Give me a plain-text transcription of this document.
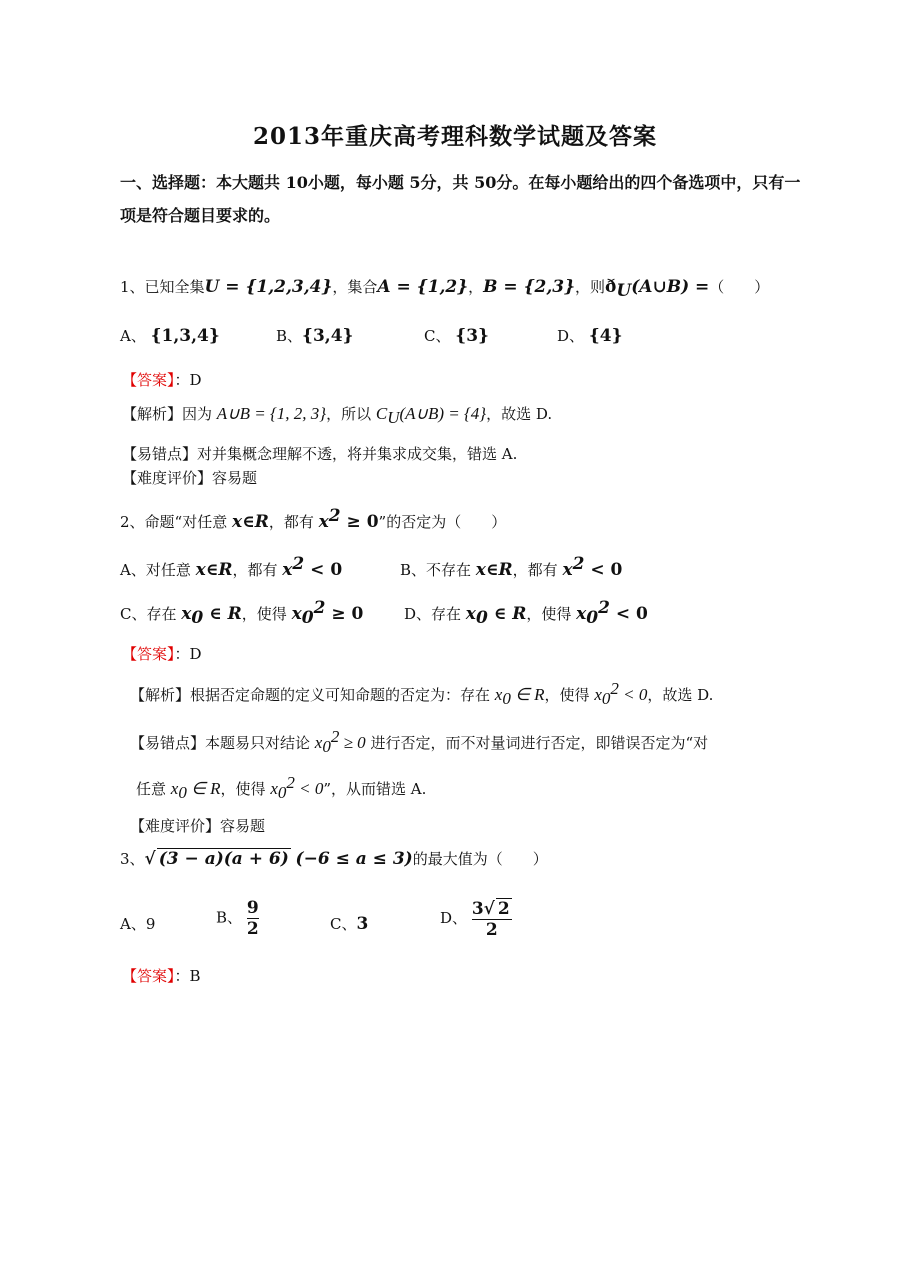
2013年重庆高考理科数学试题及答案
一、选择题：本大题共 10小题，每小题 5分，共 50分。在每小题给出的四个备选项中，只有一
项是符合题目要求的。
1、已知全集U = {1,2,3,4}，集合A = {1,2}，B = {2,3}，则$ð_U(A\cup B)$ =（　　）
A、 {1,3,4}	B、{3,4}	C、 {3}	D、 {4}
【答案】：D
【解析】因为 A∪B = {1, 2, 3}，所以 $C_U(A\cup B) = \{4\}$，故选 D.
【易错点】对并集概念理解不透，将并集求成交集，错选 A.
【难度评价】容易题
2、命题“对任意 x∈R，都有 $x^2 \ge 0$”的否定为（　　）
A、对任意 x∈R，都有 $x^2 < 0$	B、不存在 x∈R，都有 $x^2 < 0$
C、存在 $x_0$ ∈ R，使得 $x_0^2 \ge 0$	D、存在 $x_0$ ∈ R，使得 $x_0^2 < 0$
【答案】：D
【解析】根据否定命题的定义可知命题的否定为：存在 $x_0$ ∈ R，使得 $x_0^2 < 0$，故选 D.
【易错点】本题易只对结论 $x_0^2 \ge 0$ 进行否定，而不对量词进行否定，即错误否定为“对
任意 $x_0$ ∈ R，使得 $x_0^2 < 0$”，从而错选 A.
【难度评价】容易题
3、√ (3 − a)(a + 6) (−6 ≤ a ≤ 3)的最大值为（　　）
A、9	B、 $\frac{9}{2}$	C、3	D、 $\frac{3√ 2}{2}$
【答案】：B
